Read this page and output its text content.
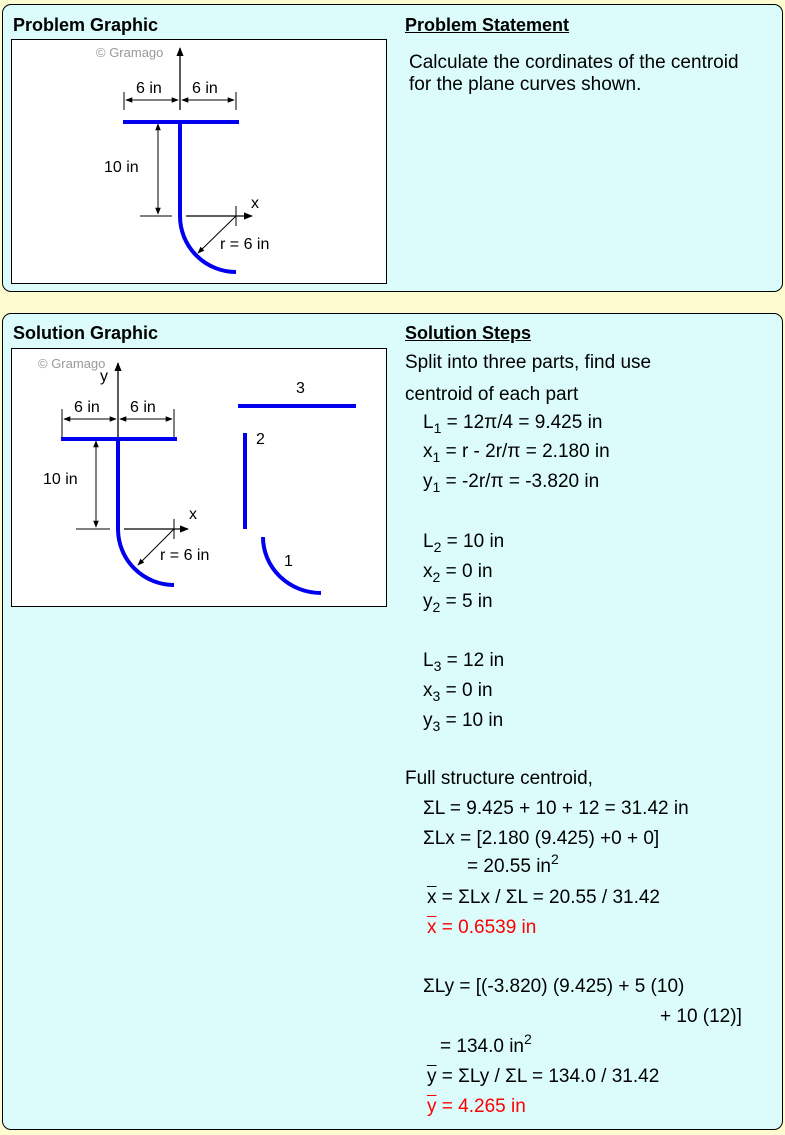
Problem Graphic	Problem Statement
Calculate the cordinates of the centroid
for the plane curves shown.
© Gramago
6 in 6 in
10 in
x
r = 6 in
Solution Graphic	Solution Steps
© Gramago
y
6 in 6 in
10 in
x
r = 6 in
3
2
1
Split into three parts, find use
centroid of each part
$L_1 = 12\pi/4 = 9.425$ in
$x_1 = r - 2r/\pi = 2.180$ in
$y_1 = -2r/\pi = -3.820$ in
$L_2 = 10$ in
$x_2 = 0$ in
$y_2 = 5$ in
$L_3 = 12$ in
$x_3 = 0$ in
$y_3 = 10$ in
Full structure centroid,
ΣL = 9.425 + 10 + 12 = 31.42 in
ΣLx = [2.180 (9.425) +0 + 0]
= 20.55 $in^2$
$\overline{x} = \Sigma Lx / \Sigma L = 20.55 / 31.42$
$\overline{x} = 0.6539$ in
ΣLy = [(-3.820) (9.425) + 5 (10)
+ 10 (12)]
= 134.0 $in^2$
$\overline{y} = \Sigma Ly / \Sigma L = 134.0 / 31.42$
$\overline{y} = 4.265$ in
